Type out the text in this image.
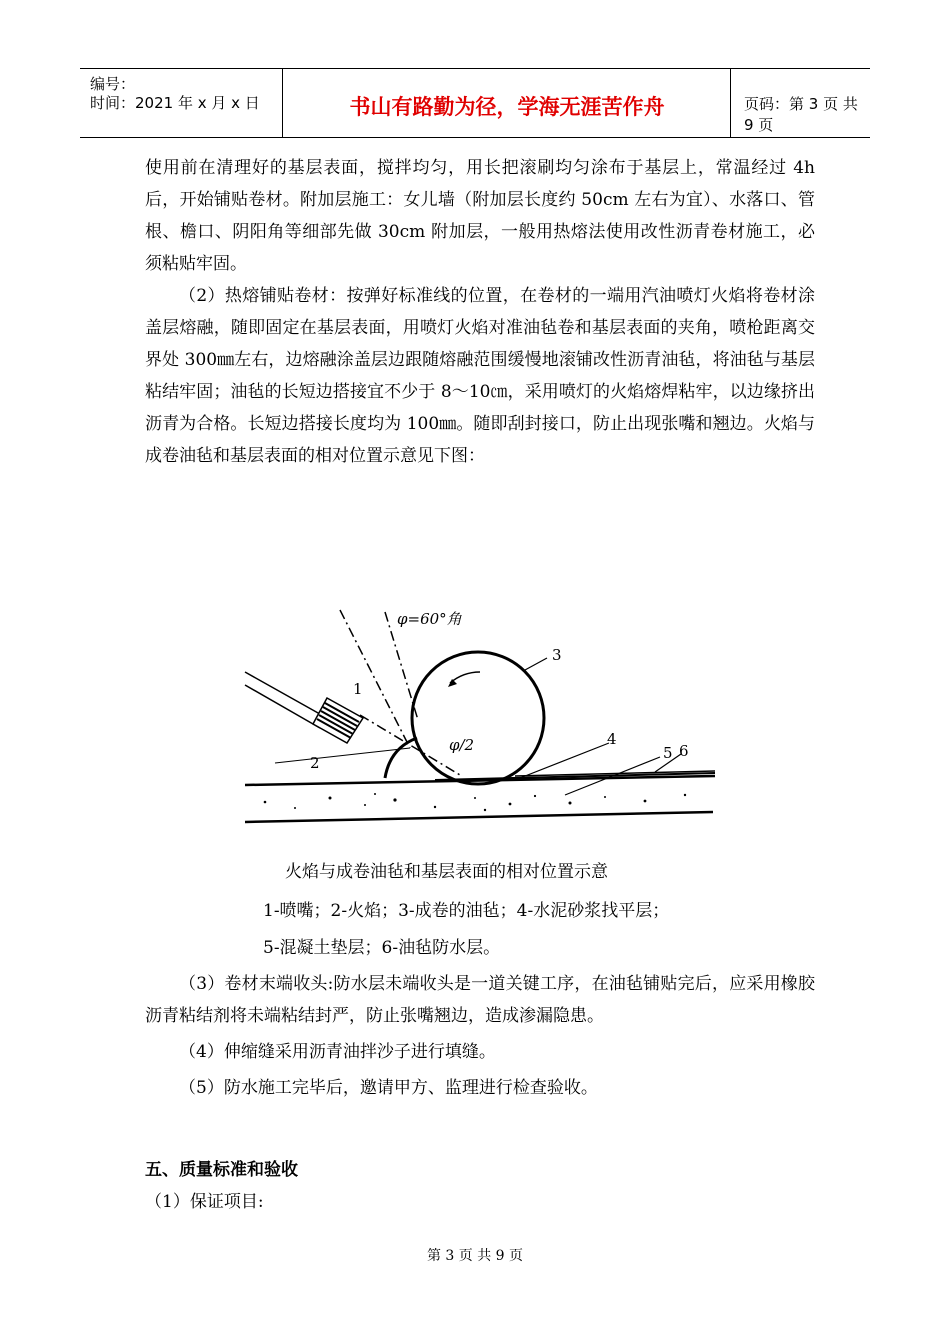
编号：
时间：2021 年 x 月 x 日	书山有路勤为径，学海无涯苦作舟	页码：第 3 页 共 9 页

使用前在清理好的基层表面，搅拌均匀，用长把滚刷均匀涂布于基层上，常温经过 4h 后，开始铺贴卷材。附加层施工：女儿墙（附加层长度约 50cm 左右为宜）、水落口、管根、檐口、阴阳角等细部先做 30cm 附加层，一般用热熔法使用改性沥青卷材施工，必须粘贴牢固。

（2）热熔铺贴卷材：按弹好标准线的位置，在卷材的一端用汽油喷灯火焰将卷材涂盖层熔融，随即固定在基层表面，用喷灯火焰对准油毡卷和基层表面的夹角，喷枪距离交界处 300㎜左右，边熔融涂盖层边跟随熔融范围缓慢地滚铺改性沥青油毡，将油毡与基层粘结牢固；油毡的长短边搭接宜不少于 8～10㎝，采用喷灯的火焰熔焊粘牢，以边缘挤出沥青为合格。长短边搭接长度均为 100㎜。随即刮封接口，防止出现张嘴和翘边。火焰与成卷油毡和基层表面的相对位置示意见下图：

φ=60°角
φ/2
1
2
3
4
5 6
火焰与成卷油毡和基层表面的相对位置示意
1-喷嘴；2-火焰；3-成卷的油毡；4-水泥砂浆找平层；
5-混凝土垫层；6-油毡防水层。

（3）卷材末端收头:防水层未端收头是一道关键工序，在油毡铺贴完后，应采用橡胶沥青粘结剂将未端粘结封严，防止张嘴翘边，造成渗漏隐患。

（4）伸缩缝采用沥青油拌沙子进行填缝。

（5）防水施工完毕后，邀请甲方、监理进行检查验收。

五、质量标准和验收
（1）保证项目:
第 3 页 共 9 页
